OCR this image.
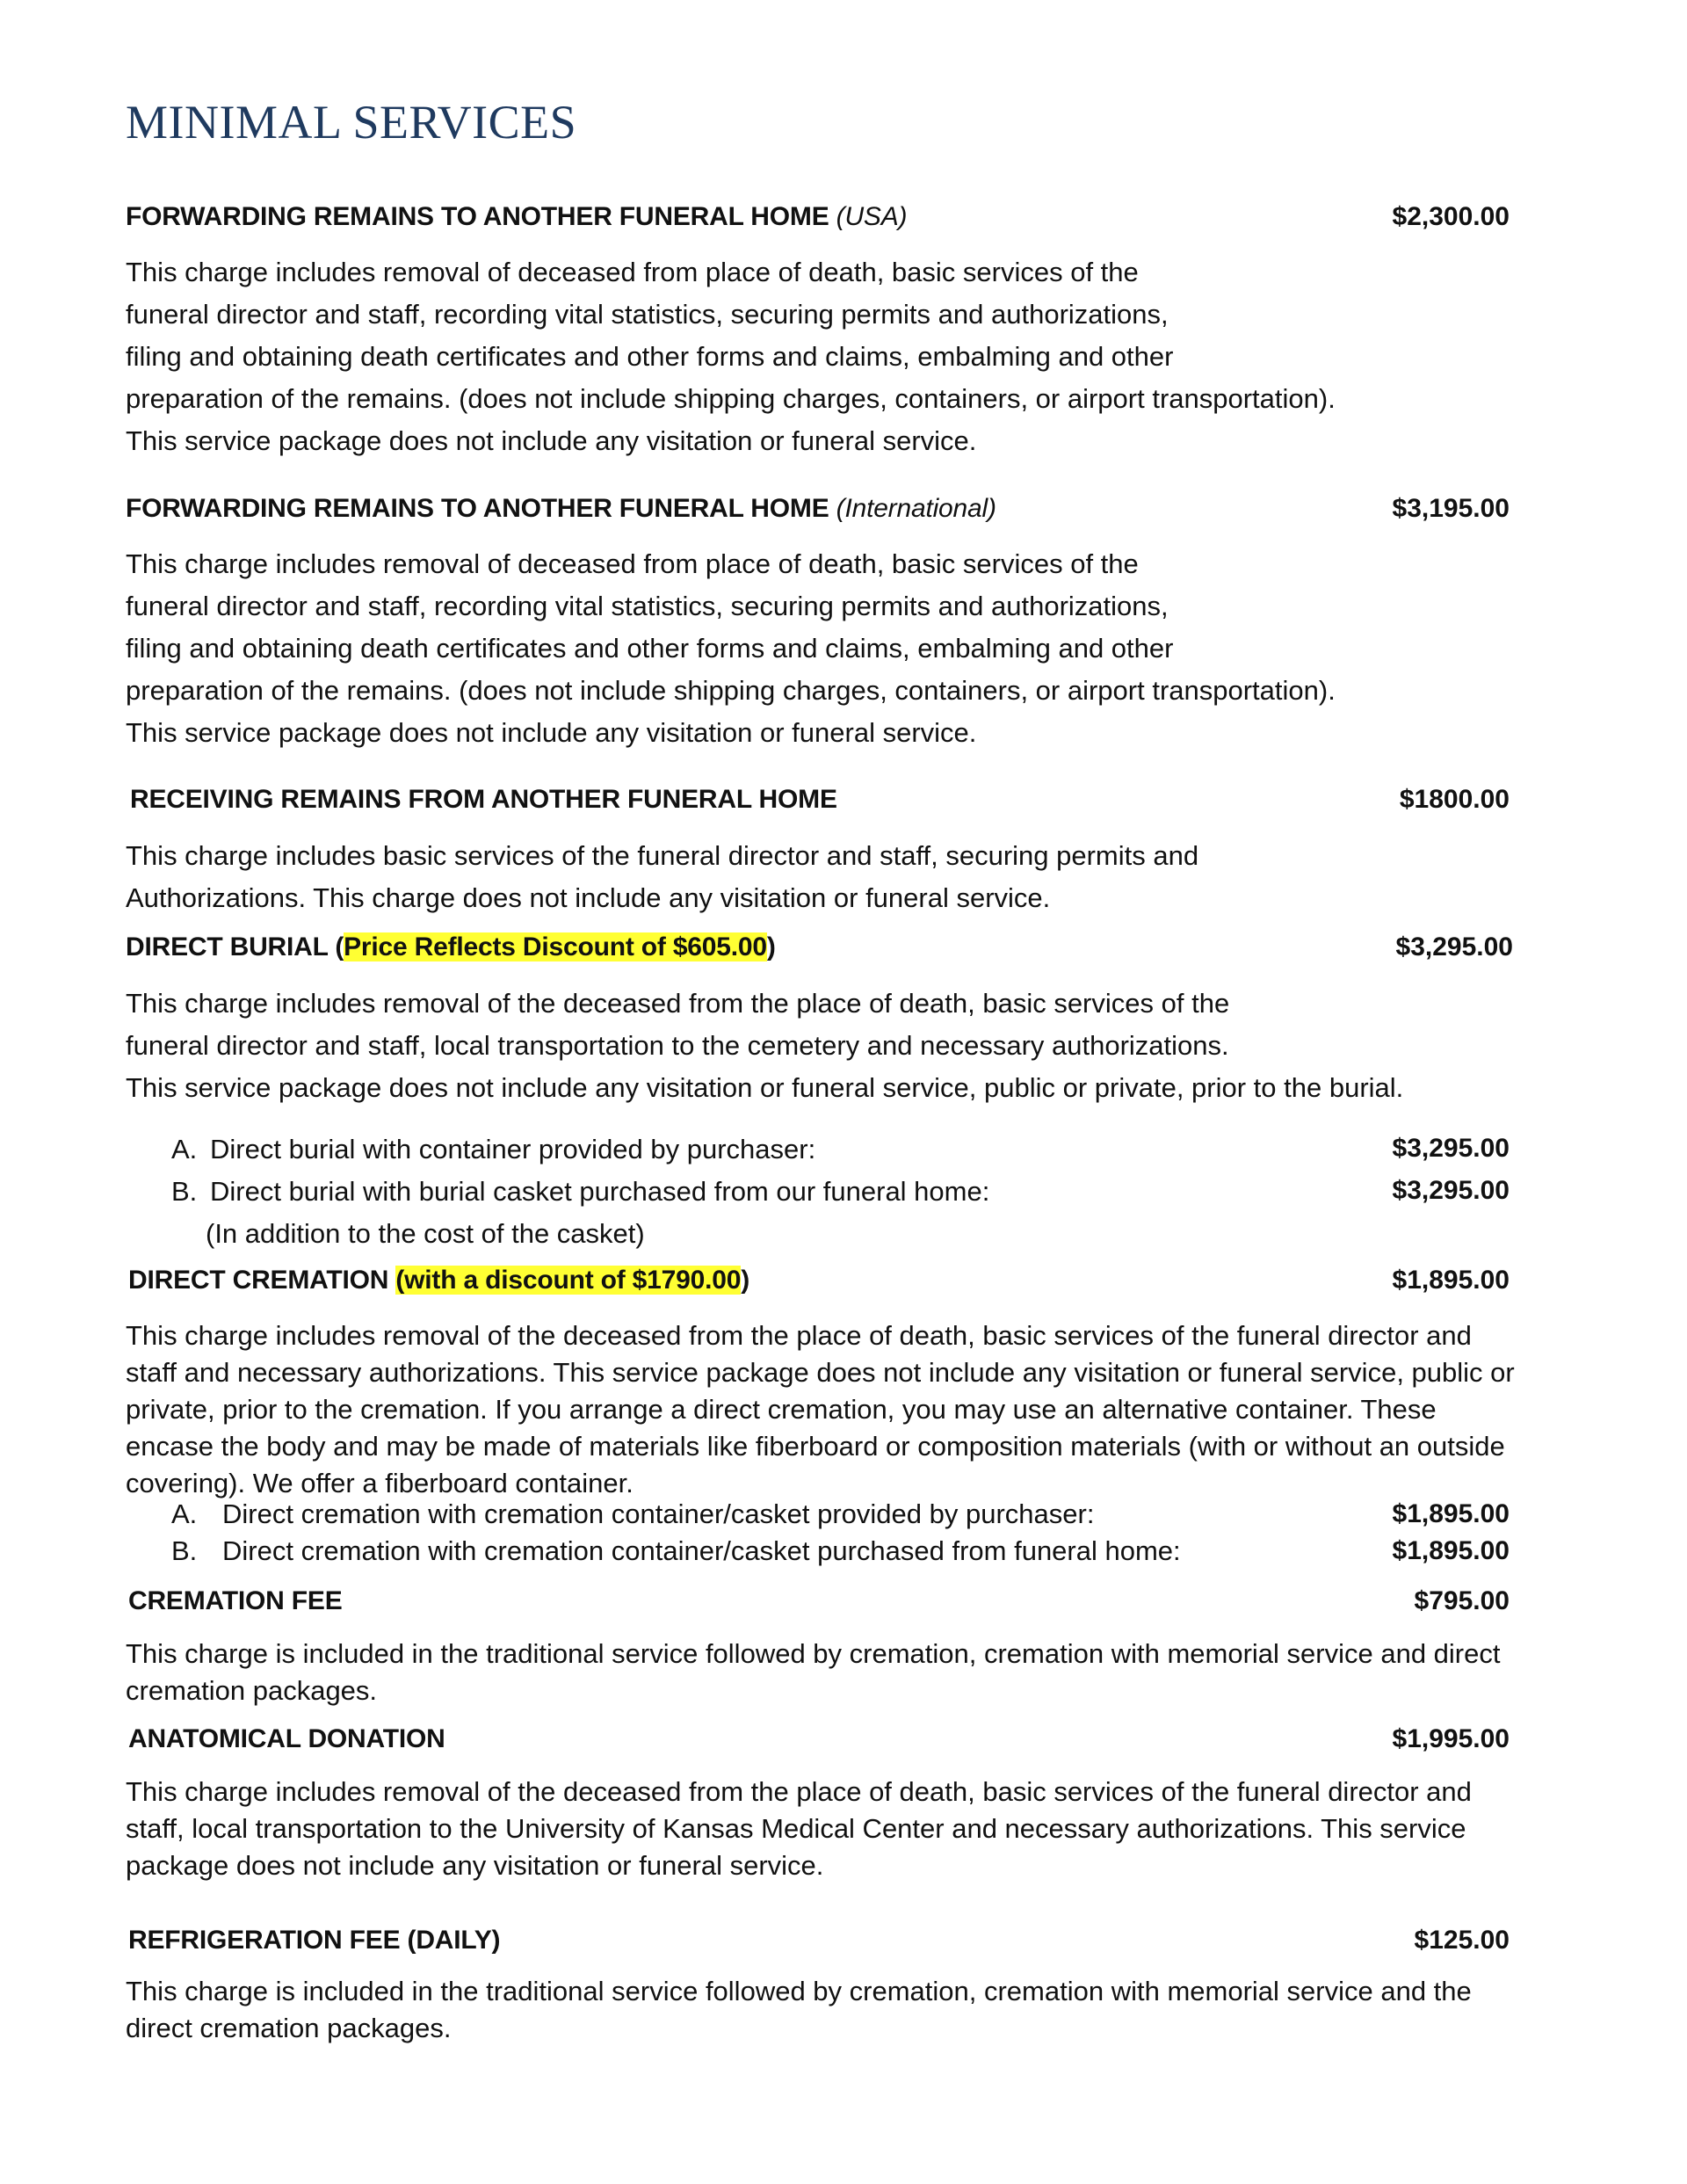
MINIMAL SERVICES
FORWARDING REMAINS TO ANOTHER FUNERAL HOME (USA)	$2,300.00
This charge includes removal of deceased from place of death, basic services of the
funeral director and staff, recording vital statistics, securing permits and authorizations,
filing and obtaining death certificates and other forms and claims, embalming and other
preparation of the remains. (does not include shipping charges, containers, or airport transportation).
This service package does not include any visitation or funeral service.
FORWARDING REMAINS TO ANOTHER FUNERAL HOME (International)	$3,195.00
This charge includes removal of deceased from place of death, basic services of the
funeral director and staff, recording vital statistics, securing permits and authorizations,
filing and obtaining death certificates and other forms and claims, embalming and other
preparation of the remains. (does not include shipping charges, containers, or airport transportation).
This service package does not include any visitation or funeral service.
RECEIVING REMAINS FROM ANOTHER FUNERAL HOME	$1800.00
This charge includes basic services of the funeral director and staff, securing permits and
Authorizations. This charge does not include any visitation or funeral service.
DIRECT BURIAL (Price Reflects Discount of $605.00)	$3,295.00
This charge includes removal of the deceased from the place of death, basic services of the
funeral director and staff, local transportation to the cemetery and necessary authorizations.
This service package does not include any visitation or funeral service, public or private, prior to the burial.
A. Direct burial with container provided by purchaser:	$3,295.00
B. Direct burial with burial casket purchased from our funeral home:	$3,295.00
(In addition to the cost of the casket)
DIRECT CREMATION (with a discount of $1790.00)	$1,895.00
This charge includes removal of the deceased from the place of death, basic services of the funeral director and staff and necessary authorizations. This service package does not include any visitation or funeral service, public or private, prior to the cremation. If you arrange a direct cremation, you may use an alternative container. These encase the body and may be made of materials like fiberboard or composition materials (with or without an outside covering). We offer a fiberboard container.
A. Direct cremation with cremation container/casket provided by purchaser:	$1,895.00
B. Direct cremation with cremation container/casket purchased from funeral home:	$1,895.00
CREMATION FEE	$795.00
This charge is included in the traditional service followed by cremation, cremation with memorial service and direct cremation packages.
ANATOMICAL DONATION	$1,995.00
This charge includes removal of the deceased from the place of death, basic services of the funeral director and staff, local transportation to the University of Kansas Medical Center and necessary authorizations. This service package does not include any visitation or funeral service.
REFRIGERATION FEE (DAILY)	$125.00
This charge is included in the traditional service followed by cremation, cremation with memorial service and the direct cremation packages.
